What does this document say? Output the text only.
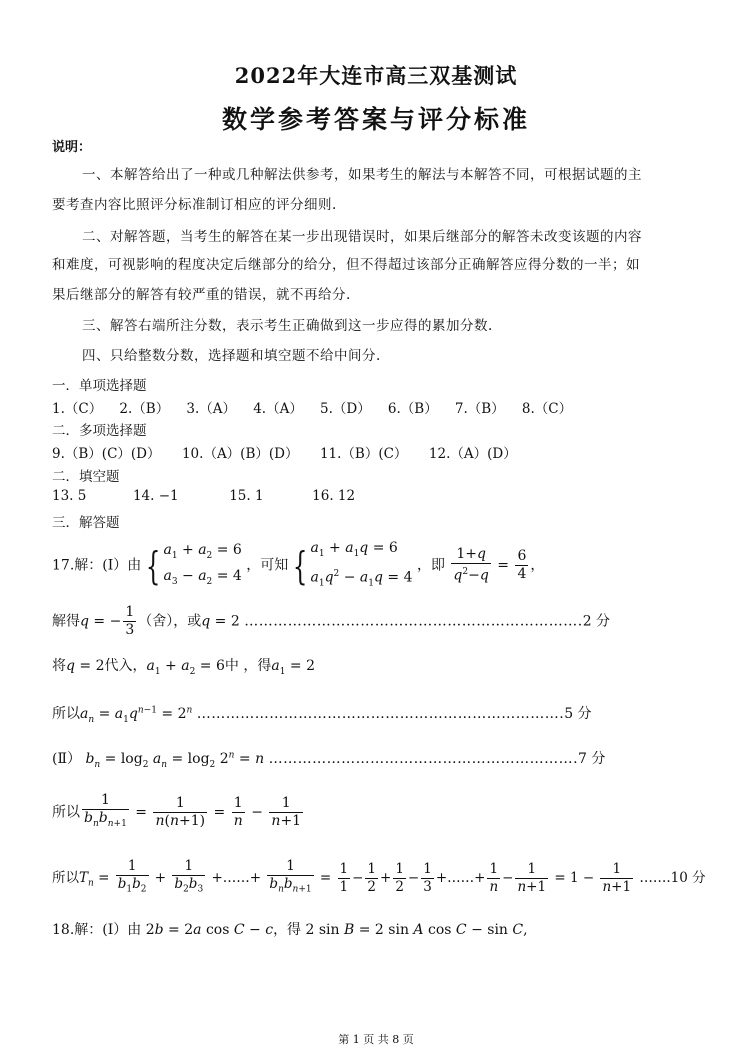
2022年大连市高三双基测试
数学参考答案与评分标准
说明：
一、本解答给出了一种或几种解法供参考，如果考生的解法与本解答不同，可根据试题的主
要考查内容比照评分标准制订相应的评分细则.
二、对解答题，当考生的解答在某一步出现错误时，如果后继部分的解答未改变该题的内容
和难度，可视影响的程度决定后继部分的给分，但不得超过该部分正确解答应得分数的一半；如
果后继部分的解答有较严重的错误，就不再给分.
三、解答右端所注分数，表示考生正确做到这一步应得的累加分数.
四、只给整数分数，选择题和填空题不给中间分.
一．单项选择题
1.（C） 2.（B） 3.（A） 4.（A） 5.（D） 6.（B） 7.（B） 8.（C）
二．多项选择题
9.（B）(C）(D） 10.（A）(B）(D） 11.（B）(C） 12.（A）(D）
二．填空题
13. 5	14. −1	15. 1	16. 12
三．解答题
17.解：(Ⅰ）由 { $a_1 + a_2 = 6$
$a_3 - a_2 = 4$
，可知 { $a_1 + a_1q = 6$
$a_1q^2 - a_1q = 4$
，即 $\frac{1+q}{q^2-q} = \frac{6}{4}$ ，
解得q = − $\frac{1}{3}$ （舍），或q = 2 …………………………………………………………….2 分
将q = 2代入，$a_1 + a_2 = 6$中 ，得$a_1 = 2$
所以$a_n = a_1q^{n-1} = 2^n$ ………………………………………………………………….5 分
(Ⅱ） $b_n = \log_2 a_n = \log_2 2^n = n$ ……………………………………………………….7 分
所以 $\frac{1}{b_nb_{n+1}} = \frac{1}{n(n+1)} = \frac{1}{n} - \frac{1}{n+1}$
所以$T_n = \frac{1}{b_1b_2} + \frac{1}{b_2b_3}$ +……+ $\frac{1}{b_nb_{n+1}} = \frac{1}{1} - \frac{1}{2} + \frac{1}{2} - \frac{1}{3}$ +……+ $\frac{1}{n} - \frac{1}{n+1} = 1 - \frac{1}{n+1}$ …….10 分
18.解：(Ⅰ）由 2b = 2a cos C − c，得 2 sin B = 2 sin A cos C − sin C,
第 1 页 共 8 页
